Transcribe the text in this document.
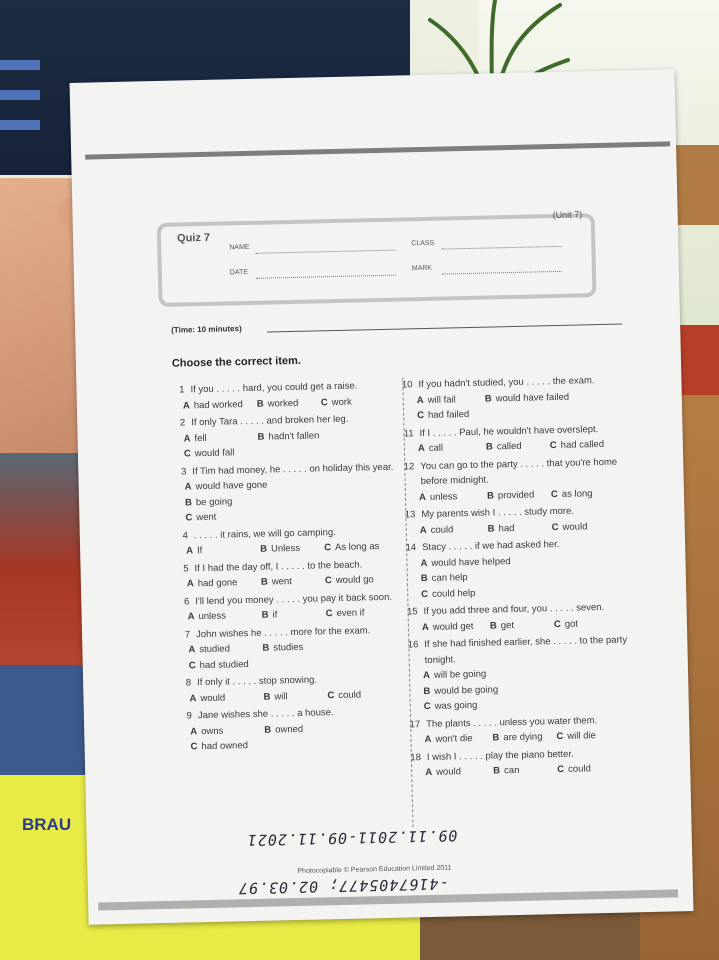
BRAU
Quiz 7
(Unit 7)
NAME
CLASS
DATE
MARK
(Time: 10 minutes)
Choose the correct item.
1 If you . . . . . hard, you could get a raise.
A had worked B worked C work
2 If only Tara . . . . . and broken her leg.
A fell	B hadn't fallen
C would fall
3 If Tim had money, he . . . . . on holiday this year.
A would have gone
B be going
C went
4 . . . . . it rains, we will go camping.
A If	B Unless	C As long as
5 If I had the day off, I . . . . . to the beach.
A had gone B went	C would go
6 I'll lend you money . . . . . you pay it back soon.
A unless	B if	C even if
7 John wishes he . . . . . more for the exam.
A studied	B studies
C had studied
8 If only it . . . . . stop snowing.
A would	B will	C could
9 Jane wishes she . . . . . a house.
A owns	B owned
C had owned
10 If you hadn't studied, you . . . . . the exam.
A will fail	B would have failed
C had failed
11 If I . . . . . Paul, he wouldn't have overslept.
A call	B called	C had called
12 You can go to the party . . . . . that you're home before midnight.
A unless	B provided C as long
13 My parents wish I . . . . . study more.
A could	B had	C would
14 Stacy . . . . . if we had asked her.
A would have helped
B can help
C could help
15 If you add three and four, you . . . . . seven.
A would get B get	C got
16 If she had finished earlier, she . . . . . to the party tonight.
A will be going
B would be going
C was going
17 The plants . . . . . unless you water them.
A won't die B are dying C will die
18 I wish I . . . . . play the piano better.
A would	B can	C could
09.11.2011-09.11.2021
Photocopiable © Pearson Education Limited 2011
-4167405477; 02.03.97
